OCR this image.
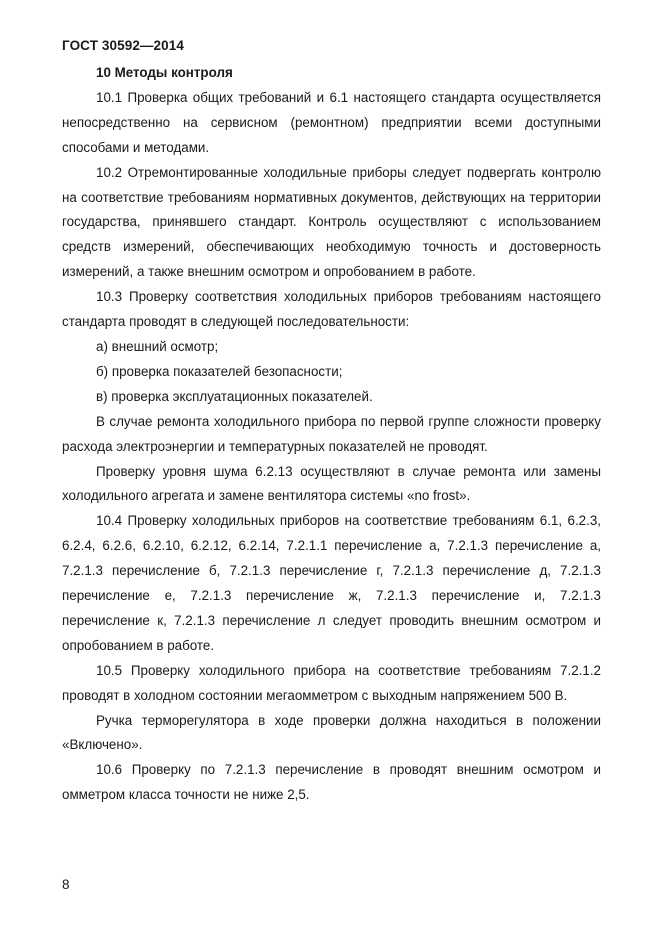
ГОСТ 30592—2014

10 Методы контроля

10.1 Проверка общих требований и 6.1 настоящего стандарта осуществляется непосредственно на сервисном (ремонтном) предприятии всеми доступными способами и методами.

10.2 Отремонтированные холодильные приборы следует подвергать контролю на соответствие требованиям нормативных документов, действующих на территории государства, принявшего стандарт. Контроль осуществляют с использованием средств измерений, обеспечивающих необходимую точность и достоверность измерений, а также внешним осмотром и опробованием в работе.

10.3 Проверку соответствия холодильных приборов требованиям настоящего стандарта проводят в следующей последовательности:

а) внешний осмотр;

б) проверка показателей безопасности;

в) проверка эксплуатационных показателей.

В случае ремонта холодильного прибора по первой группе сложности проверку расхода электроэнергии и температурных показателей не проводят.

Проверку уровня шума 6.2.13 осуществляют в случае ремонта или замены холодильного агрегата и замене вентилятора системы «no frost».

10.4 Проверку холодильных приборов на соответствие требованиям 6.1, 6.2.3, 6.2.4, 6.2.6, 6.2.10, 6.2.12, 6.2.14, 7.2.1.1 перечисление а, 7.2.1.3 перечисление а, 7.2.1.3 перечисление б, 7.2.1.3 перечисление г, 7.2.1.3 перечисление д, 7.2.1.3 перечисление е, 7.2.1.3 перечисление ж, 7.2.1.3 перечисление и, 7.2.1.3 перечисление к, 7.2.1.3 перечисление л следует проводить внешним осмотром и опробованием в работе.

10.5 Проверку холодильного прибора на соответствие требованиям 7.2.1.2 проводят в холодном состоянии мегаомметром с выходным напряжением 500 В.

Ручка терморегулятора в ходе проверки должна находиться в положении «Включено».

10.6 Проверку по 7.2.1.3 перечисление в проводят внешним осмотром и омметром класса точности не ниже 2,5.

8
